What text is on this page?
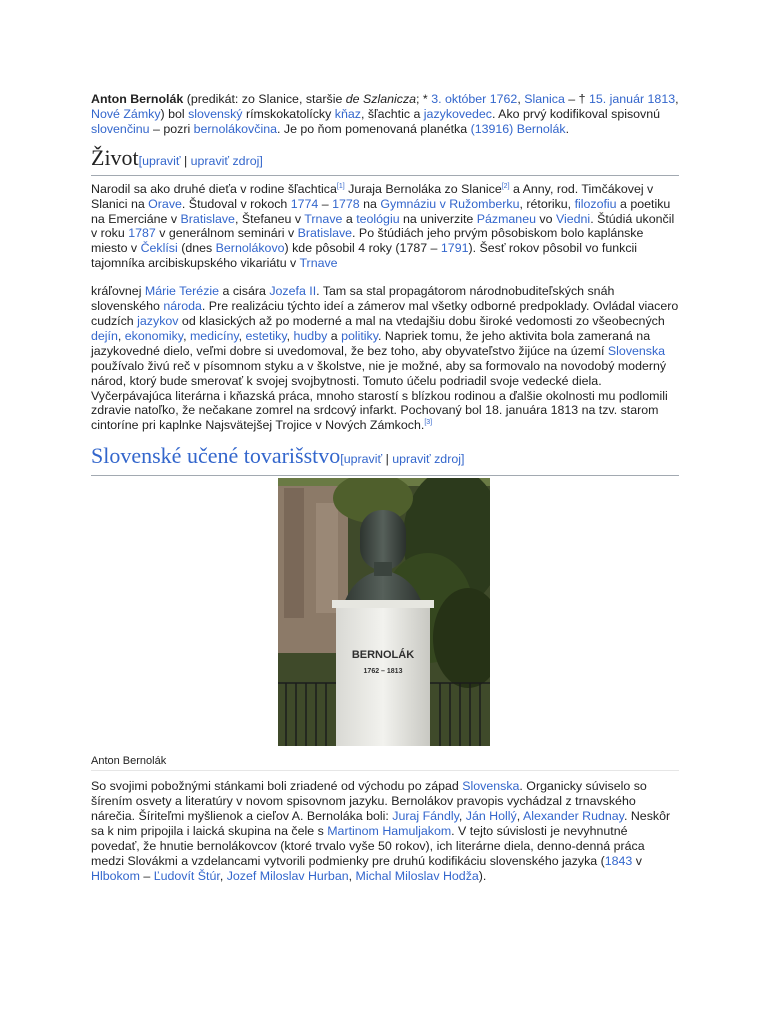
Anton Bernolák (predikát: zo Slanice, staršie de Szlanicza; * 3. október 1762, Slanica – † 15. január 1813, Nové Zámky) bol slovenský rímskokatolícky kňaz, šľachtic a jazykovedec. Ako prvý kodifikoval spisovnú slovenčinu – pozri bernolákovčina. Je po ňom pomenovaná planétka (13916) Bernolák.

Život[upraviť | upraviť zdroj]

Narodil sa ako druhé dieťa v rodine šľachtica[1] Juraja Bernoláka zo Slanice[2] a Anny, rod. Timčákovej v Slanici na Orave. Študoval v rokoch 1774 – 1778 na Gymnáziu v Ružomberku, rétoriku, filozofiu a poetiku na Emerciáne v Bratislave, Štefaneu v Trnave a teológiu na univerzite Pázmaneu vo Viedni. Štúdiá ukončil v roku 1787 v generálnom seminári v Bratislave. Po štúdiách jeho prvým pôsobiskom bolo kaplánske miesto v Čeklísi (dnes Bernolákovo) kde pôsobil 4 roky (1787 – 1791). Šesť rokov pôsobil vo funkcii tajomníka arcibiskupského vikariátu v Trnave

kráľovnej Márie Terézie a cisára Jozefa II. Tam sa stal propagátorom národnobuditeľských snáh slovenského národa. Pre realizáciu týchto ideí a zámerov mal všetky odborné predpoklady. Ovládal viacero cudzích jazykov od klasických až po moderné a mal na vtedajšiu dobu široké vedomosti zo všeobecných dejín, ekonomiky, medicíny, estetiky, hudby a politiky. Napriek tomu, že jeho aktivita bola zameraná na jazykovedné dielo, veľmi dobre si uvedomoval, že bez toho, aby obyvateľstvo žijúce na území Slovenska používalo živú reč v písomnom styku a v školstve, nie je možné, aby sa formovalo na novodobý moderný národ, ktorý bude smerovať k svojej svojbytnosti. Tomuto účelu podriadil svoje vedecké diela. Vyčerpávajúca literárna i kňazská práca, mnoho starostí s blízkou rodinou a ďalšie okolnosti mu podlomili zdravie natoľko, že nečakane zomrel na srdcový infarkt. Pochovaný bol 18. januára 1813 na tzv. starom cintoríne pri kaplnke Najsvätejšej Trojice v Nových Zámkoch.[3]

Slovenské učené tovarišstvo[upraviť | upraviť zdroj]
BERNOLÁK
1762 – 1813
Anton Bernolák

So svojimi pobožnými stánkami boli zriadené od východu po západ Slovenska. Organicky súviselo so šírením osvety a literatúry v novom spisovnom jazyku. Bernolákov pravopis vychádzal z trnavského nárečia. Šíriteľmi myšlienok a cieľov A. Bernoláka boli: Juraj Fándly, Ján Hollý, Alexander Rudnay. Neskôr sa k nim pripojila i laická skupina na čele s Martinom Hamuljakom. V tejto súvislosti je nevyhnutné povedať, že hnutie bernolákovcov (ktoré trvalo vyše 50 rokov), ich literárne diela, denno-denná práca medzi Slovákmi a vzdelancami vytvorili podmienky pre druhú kodifikáciu slovenského jazyka (1843 v Hlbokom – Ľudovít Štúr, Jozef Miloslav Hurban, Michal Miloslav Hodža).
